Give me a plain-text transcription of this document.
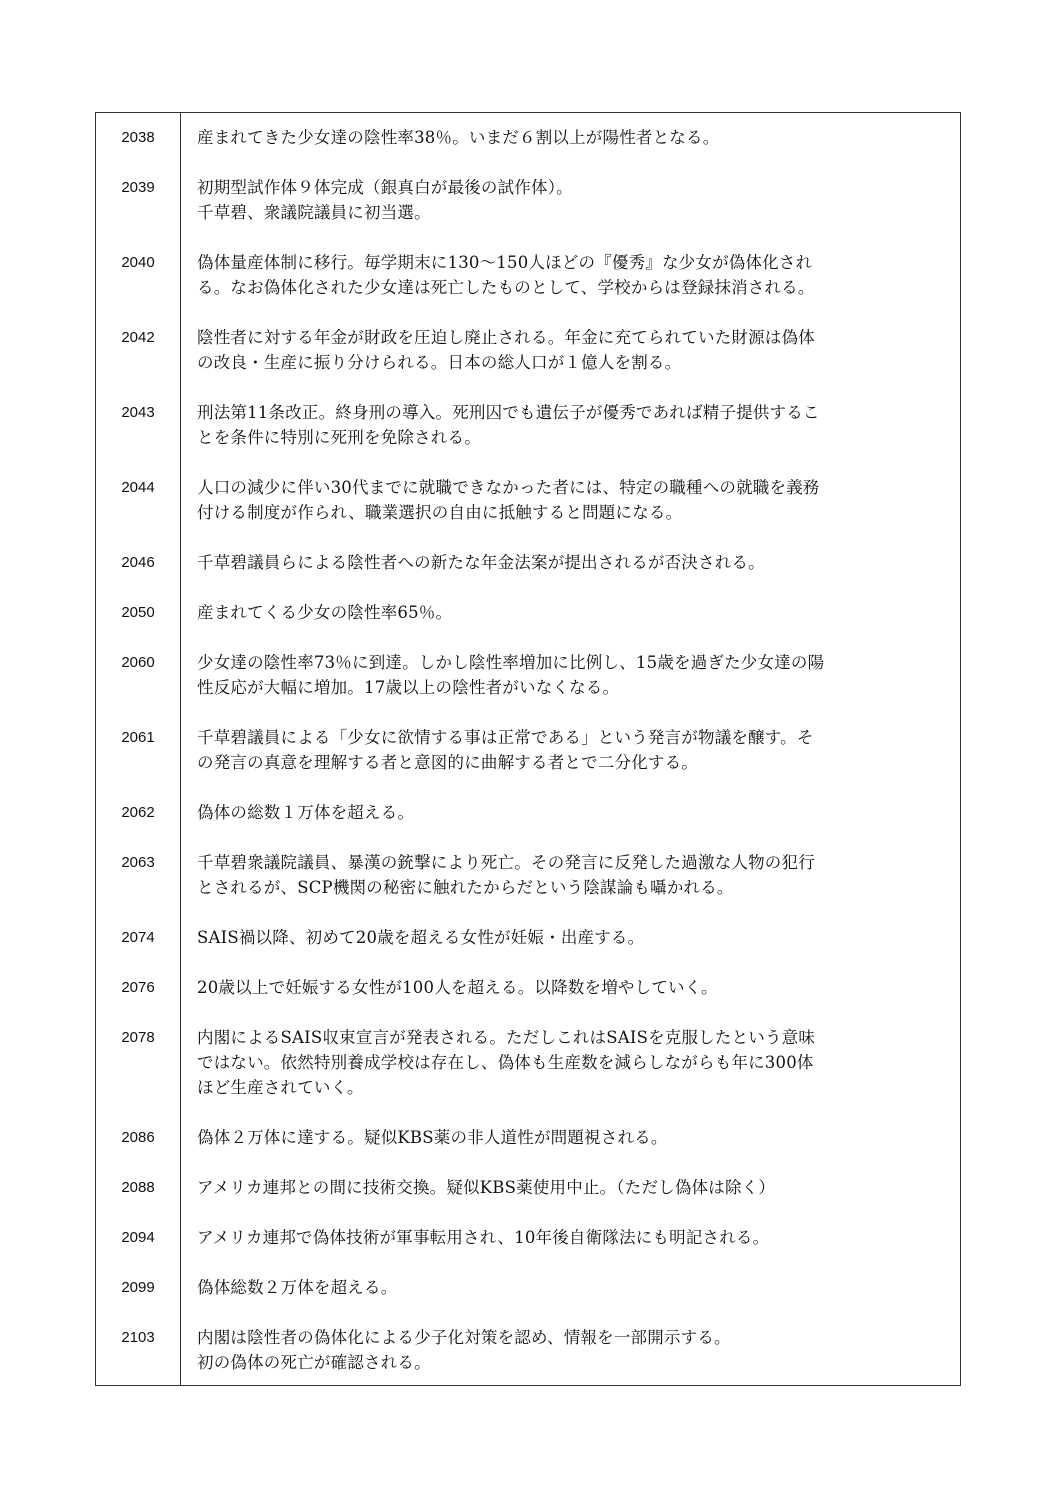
2038	産まれてきた少女達の陰性率38％。いまだ６割以上が陽性者となる。
2039	初期型試作体９体完成（銀真白が最後の試作体）。
千草碧、衆議院議員に初当選。
2040	偽体量産体制に移行。毎学期末に130～150人ほどの『優秀』な少女が偽体化され
る。なお偽体化された少女達は死亡したものとして、学校からは登録抹消される。
2042	陰性者に対する年金が財政を圧迫し廃止される。年金に充てられていた財源は偽体
の改良・生産に振り分けられる。日本の総人口が１億人を割る。
2043	刑法第11条改正。終身刑の導入。死刑囚でも遺伝子が優秀であれば精子提供するこ
とを条件に特別に死刑を免除される。
2044	人口の減少に伴い30代までに就職できなかった者には、特定の職種への就職を義務
付ける制度が作られ、職業選択の自由に抵触すると問題になる。
2046	千草碧議員らによる陰性者への新たな年金法案が提出されるが否決される。
2050	産まれてくる少女の陰性率65％。
2060	少女達の陰性率73％に到達。しかし陰性率増加に比例し、15歳を過ぎた少女達の陽
性反応が大幅に増加。17歳以上の陰性者がいなくなる。
2061	千草碧議員による「少女に欲情する事は正常である」という発言が物議を醸す。そ
の発言の真意を理解する者と意図的に曲解する者とで二分化する。
2062	偽体の総数１万体を超える。
2063	千草碧衆議院議員、暴漢の銃撃により死亡。その発言に反発した過激な人物の犯行
とされるが、SCP機関の秘密に触れたからだという陰謀論も囁かれる。
2074	SAIS禍以降、初めて20歳を超える女性が妊娠・出産する。
2076	20歳以上で妊娠する女性が100人を超える。以降数を増やしていく。
2078	内閣によるSAIS収束宣言が発表される。ただしこれはSAISを克服したという意味
ではない。依然特別養成学校は存在し、偽体も生産数を減らしながらも年に300体
ほど生産されていく。
2086	偽体２万体に達する。疑似KBS薬の非人道性が問題視される。
2088	アメリカ連邦との間に技術交換。疑似KBS薬使用中止。（ただし偽体は除く）
2094	アメリカ連邦で偽体技術が軍事転用され、10年後自衛隊法にも明記される。
2099	偽体総数２万体を超える。
2103	内閣は陰性者の偽体化による少子化対策を認め、情報を一部開示する。
初の偽体の死亡が確認される。
